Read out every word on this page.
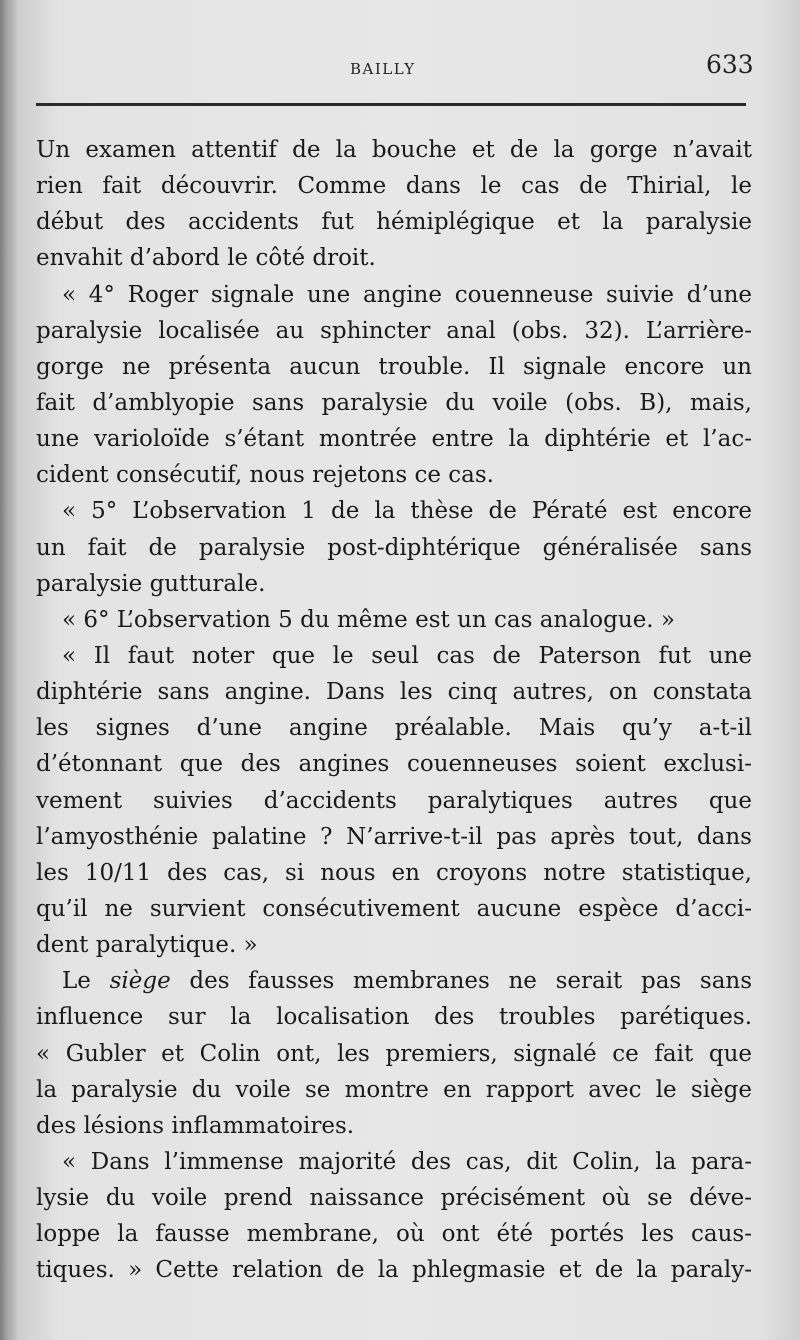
BAILLY	633
Un examen attentif de la bouche et de la gorge n’avait
rien fait découvrir. Comme dans le cas de Thirial, le
début des accidents fut hémiplégique et la paralysie
envahit d’abord le côté droit.
« 4° Roger signale une angine couenneuse suivie d’une
paralysie localisée au sphincter anal (obs. 32). L’arrière-
gorge ne présenta aucun trouble. Il signale encore un
fait d’amblyopie sans paralysie du voile (obs. B), mais,
une varioloïde s’étant montrée entre la diphtérie et l’ac-
cident consécutif, nous rejetons ce cas.
« 5° L’observation 1 de la thèse de Pératé est encore
un fait de paralysie post-diphtérique généralisée sans
paralysie gutturale.
« 6° L’observation 5 du même est un cas analogue. »
« Il faut noter que le seul cas de Paterson fut une
diphtérie sans angine. Dans les cinq autres, on constata
les signes d’une angine préalable. Mais qu’y a-t-il
d’étonnant que des angines couenneuses soient exclusi-
vement suivies d’accidents paralytiques autres que
l’amyosthénie palatine ? N’arrive-t-il pas après tout, dans
les 10/11 des cas, si nous en croyons notre statistique,
qu’il ne survient consécutivement aucune espèce d’acci-
dent paralytique. »
Le siège des fausses membranes ne serait pas sans
influence sur la localisation des troubles parétiques.
« Gubler et Colin ont, les premiers, signalé ce fait que
la paralysie du voile se montre en rapport avec le siège
des lésions inflammatoires.
« Dans l’immense majorité des cas, dit Colin, la para-
lysie du voile prend naissance précisément où se déve-
loppe la fausse membrane, où ont été portés les caus-
tiques. » Cette relation de la phlegmasie et de la paraly-
